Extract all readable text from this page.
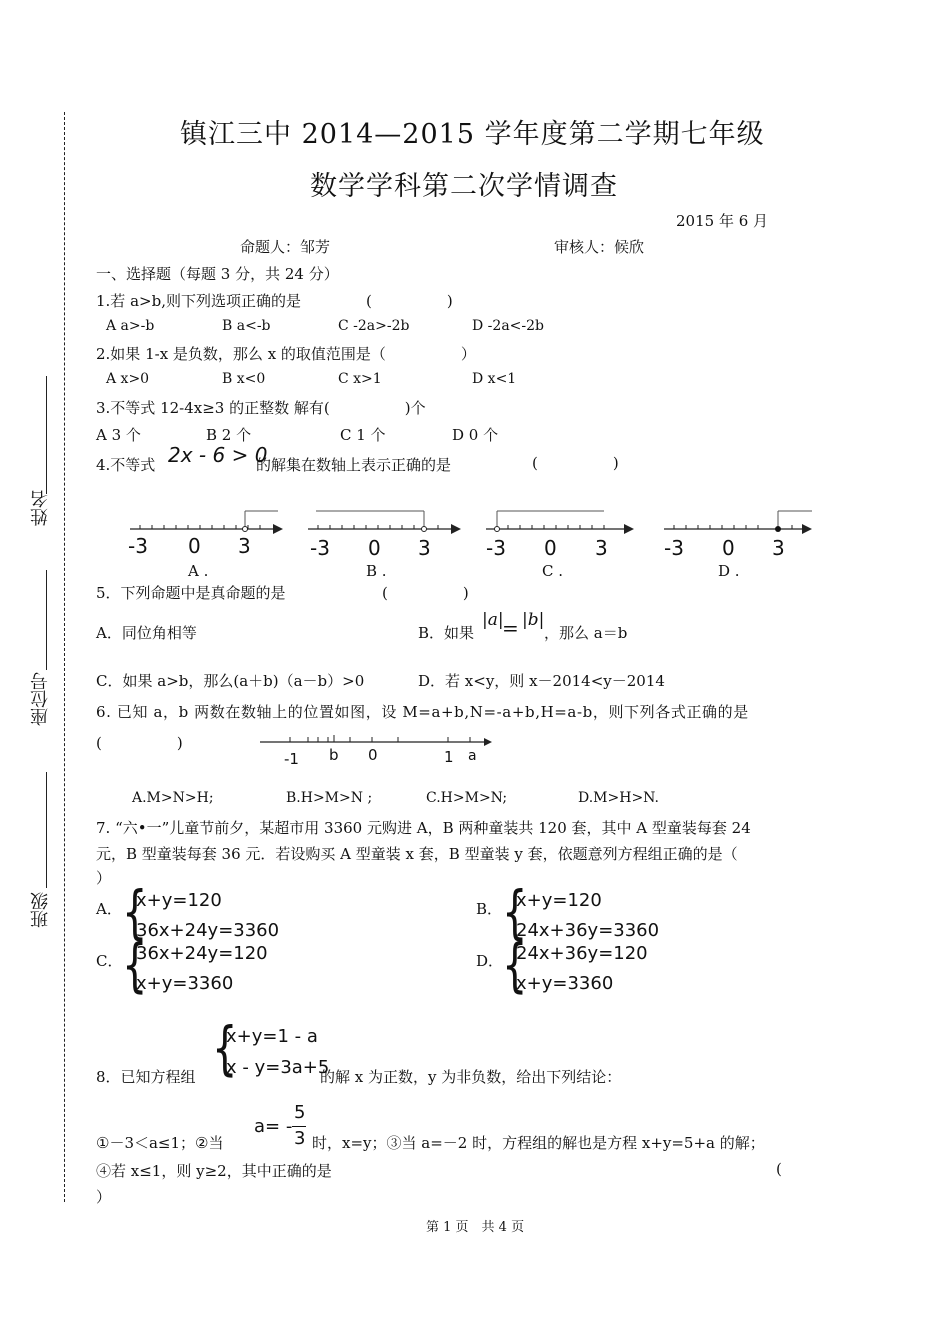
姓名
座位号
班级
镇江三中 2014—2015 学年度第二学期七年级
数学学科第二次学情调查
2015 年 6 月
命题人：邹芳	审核人：候欣
一、选择题（每题 3 分，共 24 分）
1.若 a>b,则下列选项正确的是	(　　　　　)
A a>-b	B a<-b	C -2a>-2b	D -2a<-2b
2.如果 1-x 是负数，那么 x 的取值范围是（　　　　　）
A x>0	B x<0	C x>1	D x<1
3.不等式 12-4x≥3 的正整数 解有(　　　　　)个
A 3 个	B 2 个	C 1 个	D 0 个
4.不等式 2x - 6 > 0
的解集在数轴上表示正确的是	(　　　　　)
-3 0 3
A .
-3 0 3
B .
-3 0 3
C .
-3 0 3
D .
5．下列命题中是真命题的是	(　　　　　)
A．同位角相等	B．如果
|a|
= |b|
，那么 a＝b
C．如果 a>b，那么(a＋b)（a－b）>0	D．若 x<y，则 x－2014<y－2014
6. 已知 a，b 两数在数轴上的位置如图，设 M=a+b,N=-a+b,H=a-b，则下列各式正确的是
(　　　　　)
-1 b 0	1 a
A.M>N>H;	B.H>M>N ;	C.H>M>N;	D.M>H>N.
7. “六•一”儿童节前夕，某超市用 3360 元购进 A，B 两种童装共 120 套，其中 A 型童装每套 24
元，B 型童装每套 36 元．若设购买 A 型童装 x 套，B 型童装 y 套，依题意列方程组正确的是（
）
A． {
x+y=120
36x+24y=3360
B． {
x+y=120
24x+36y=3360
C． {
36x+24y=120
x+y=3360
D．
{
24x+36y=120
x+y=3360
{
x+y=1 - a
x - y=3a+5
8．已知方程组	的解 x 为正数，y 为非负数，给出下列结论：
①－3＜a≤1；②当
a= -
5
3 时，x=y；③当 a=－2 时，方程组的解也是方程 x+y=5+a 的解；
④若 x≤1，则 y≥2，其中正确的是	(
）
第 1 页　共 4 页
